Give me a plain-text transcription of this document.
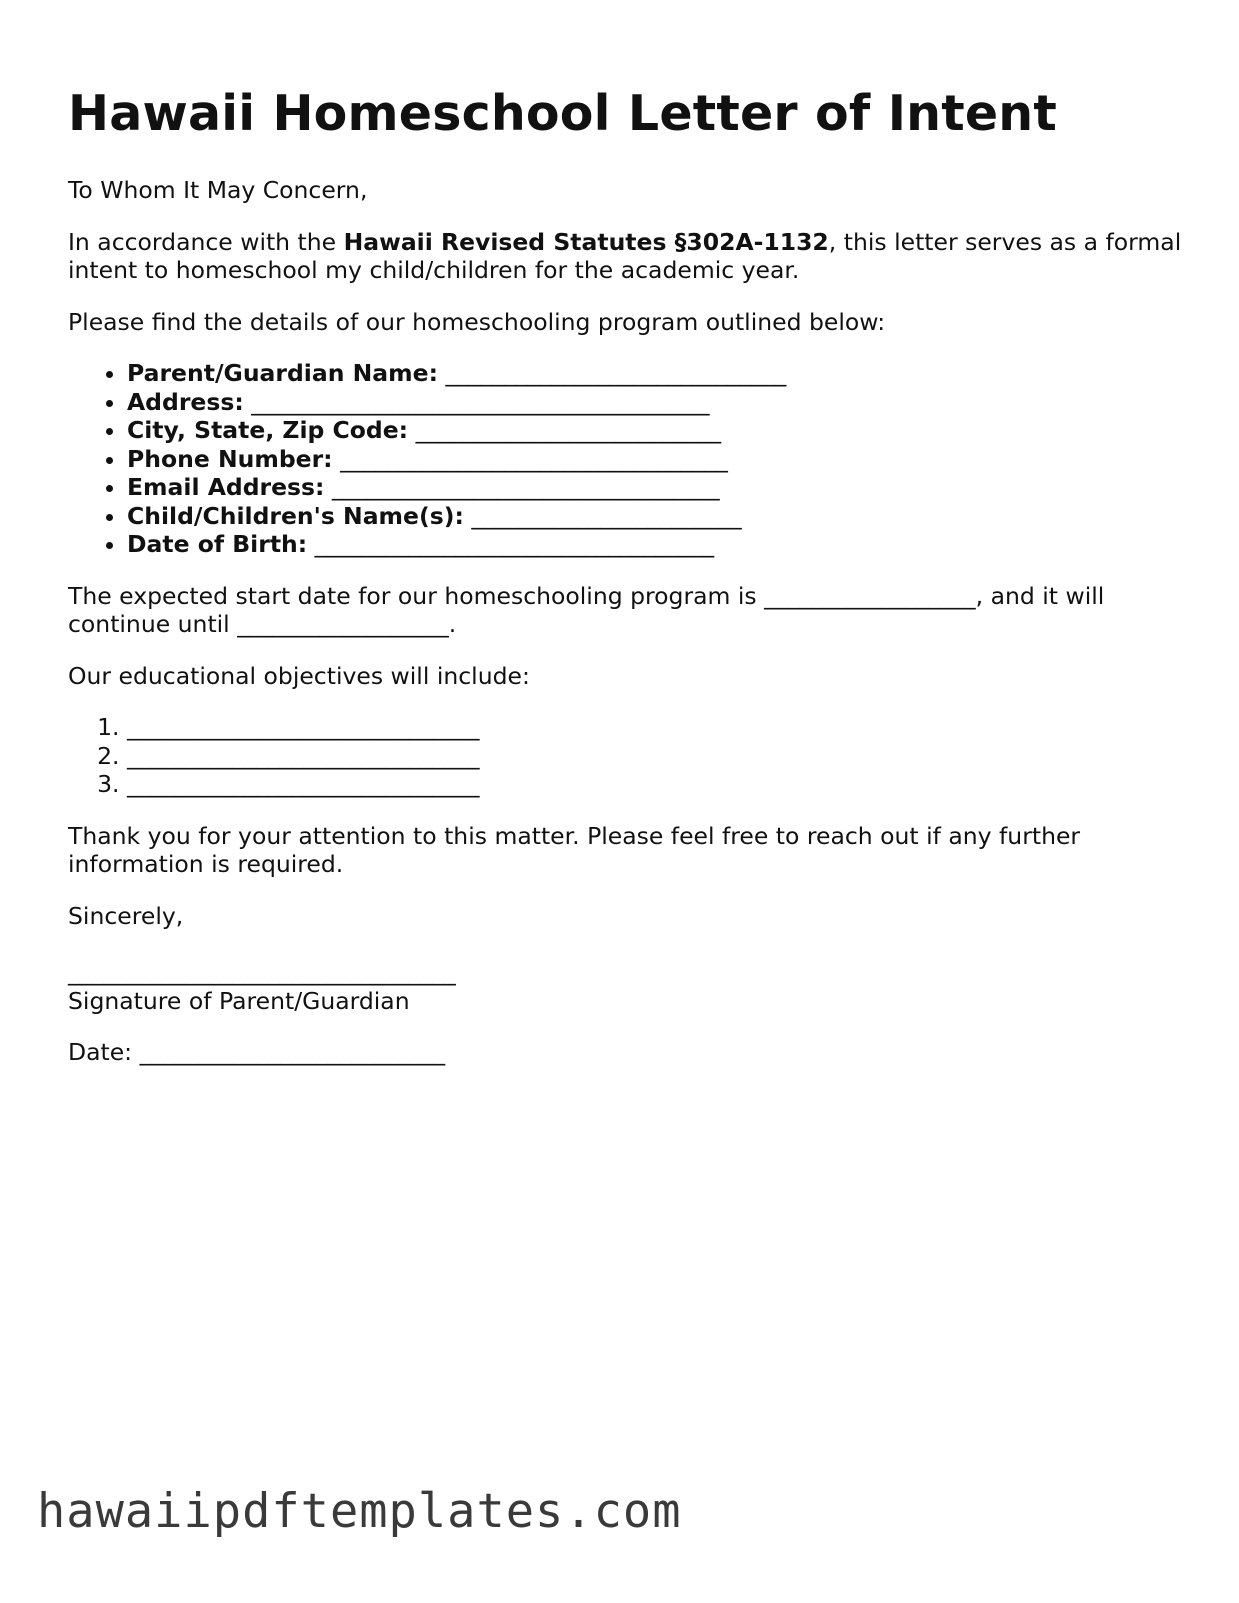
Hawaii Homeschool Letter of Intent

To Whom It May Concern,

In accordance with the Hawaii Revised Statutes §302A-1132, this letter serves as a formal intent to homeschool my child/children for the academic year.

Please find the details of our homeschooling program outlined below:

• Parent/Guardian Name: _____________________________
• Address: _______________________________________
• City, State, Zip Code: __________________________
• Phone Number: _________________________________
• Email Address: _________________________________
• Child/Children's Name(s): _______________________
• Date of Birth: __________________________________

The expected start date for our homeschooling program is __________________, and it will continue until __________________.

Our educational objectives will include:

1. ______________________________
2. ______________________________
3. ______________________________

Thank you for your attention to this matter. Please feel free to reach out if any further information is required.

Sincerely,

_________________________________

Signature of Parent/Guardian

Date: __________________________

hawaiipdftemplates.com
